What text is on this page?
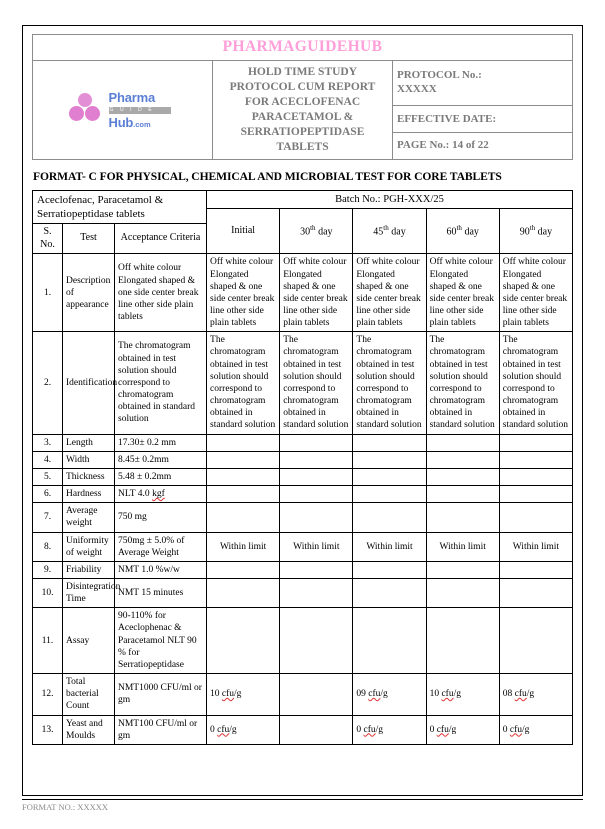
PHARMAGUIDEHUB

Pharma
G U I D E
Hub.com
	HOLD TIME STUDY
PROTOCOL CUM REPORT
FOR ACECLOFENAC PARACETAMOL &
SERRATIOPEPTIDASE
TABLETS	PROTOCOL No.:
XXXXX
EFFECTIVE DATE:
PAGE No.: 14 of 22
FORMAT- C FOR PHYSICAL, CHEMICAL AND MICROBIAL TEST FOR CORE TABLETS
Aceclofenac, Paracetamol & Serratiopeptidase tablets			Batch No.: PGH-XXX/25				
			Initial	30th day	45th day	60th day	90th day
S. No.	Test	Acceptance Criteria					
1.	Description of appearance	Off white colour Elongated shaped & one side center break line other side plain tablets	Off white colour Elongated shaped & one side center break line other side plain tablets	Off white colour Elongated shaped & one side center break line other side plain tablets	Off white colour Elongated shaped & one side center break line other side plain tablets	Off white colour Elongated shaped & one side center break line other side plain tablets	Off white colour Elongated shaped & one side center break line other side plain tablets
2.	Identification	The chromatogram obtained in test solution should correspond to chromatogram obtained in standard solution	The chromatogram obtained in test solution should correspond to chromatogram obtained in standard solution	The chromatogram obtained in test solution should correspond to chromatogram obtained in standard solution	The chromatogram obtained in test solution should correspond to chromatogram obtained in standard solution	The chromatogram obtained in test solution should correspond to chromatogram obtained in standard solution	The chromatogram obtained in test solution should correspond to chromatogram obtained in standard solution
3.	Length	17.30± 0.2 mm					
4.	Width	8.45± 0.2mm					
5.	Thickness	5.48 ± 0.2mm					
6.	Hardness	NLT 4.0 kgf					
7.	Average weight	750 mg					
8.	Uniformity of weight	750mg ± 5.0% of Average Weight	Within limit	Within limit	Within limit	Within limit	Within limit
9.	Friability	NMT 1.0 %w/w					
10.	Disintegration Time	NMT 15 minutes					
11.	Assay	90-110% for Aceclophenac & Paracetamol NLT 90 % for Serratiopeptidase					
12.	Total bacterial Count	NMT1000 CFU/ml or gm	10 cfu/g		09 cfu/g	10 cfu/g	08 cfu/g
13.	Yeast and Moulds	NMT100 CFU/ml or gm	0 cfu/g		0 cfu/g	0 cfu/g	0 cfu/g
FORMAT NO.: XXXXX
